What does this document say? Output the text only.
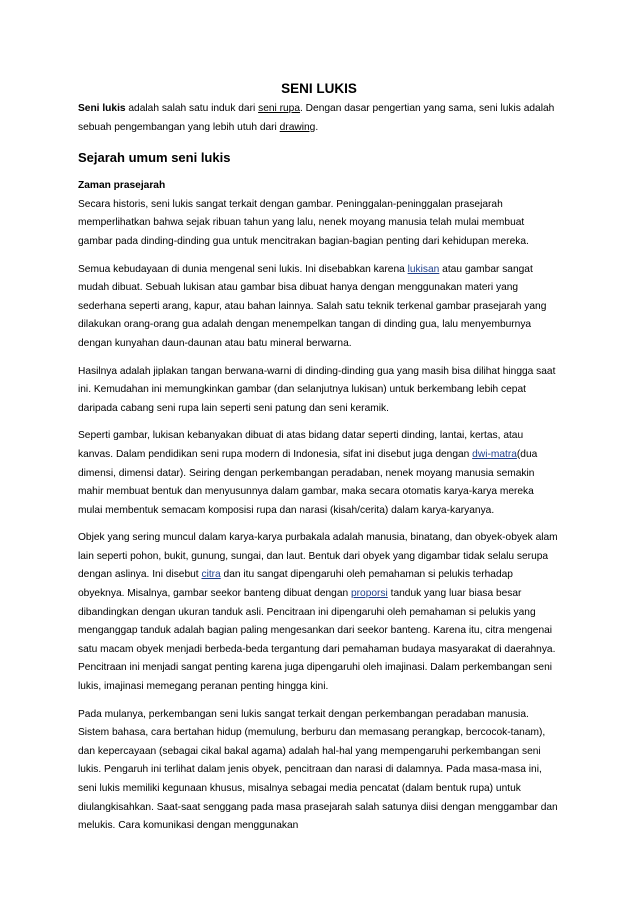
SENI LUKIS

Seni lukis adalah salah satu induk dari seni rupa. Dengan dasar pengertian yang sama, seni lukis adalah sebuah pengembangan yang lebih utuh dari drawing.

Sejarah umum seni lukis
Zaman prasejarah

Secara historis, seni lukis sangat terkait dengan gambar. Peninggalan-peninggalan prasejarah memperlihatkan bahwa sejak ribuan tahun yang lalu, nenek moyang manusia telah mulai membuat gambar pada dinding-dinding gua untuk mencitrakan bagian-bagian penting dari kehidupan mereka.

Semua kebudayaan di dunia mengenal seni lukis. Ini disebabkan karena lukisan atau gambar sangat mudah dibuat. Sebuah lukisan atau gambar bisa dibuat hanya dengan menggunakan materi yang sederhana seperti arang, kapur, atau bahan lainnya. Salah satu teknik terkenal gambar prasejarah yang dilakukan orang-orang gua adalah dengan menempelkan tangan di dinding gua, lalu menyemburnya dengan kunyahan daun-daunan atau batu mineral berwarna.

Hasilnya adalah jiplakan tangan berwana-warni di dinding-dinding gua yang masih bisa dilihat hingga saat ini. Kemudahan ini memungkinkan gambar (dan selanjutnya lukisan) untuk berkembang lebih cepat daripada cabang seni rupa lain seperti seni patung dan seni keramik.

Seperti gambar, lukisan kebanyakan dibuat di atas bidang datar seperti dinding, lantai, kertas, atau kanvas. Dalam pendidikan seni rupa modern di Indonesia, sifat ini disebut juga dengan dwi-matra(dua dimensi, dimensi datar). Seiring dengan perkembangan peradaban, nenek moyang manusia semakin mahir membuat bentuk dan menyusunnya dalam gambar, maka secara otomatis karya-karya mereka mulai membentuk semacam komposisi rupa dan narasi (kisah/cerita) dalam karya-karyanya.

Objek yang sering muncul dalam karya-karya purbakala adalah manusia, binatang, dan obyek-obyek alam lain seperti pohon, bukit, gunung, sungai, dan laut. Bentuk dari obyek yang digambar tidak selalu serupa dengan aslinya. Ini disebut citra dan itu sangat dipengaruhi oleh pemahaman si pelukis terhadap obyeknya. Misalnya, gambar seekor banteng dibuat dengan proporsi tanduk yang luar biasa besar dibandingkan dengan ukuran tanduk asli. Pencitraan ini dipengaruhi oleh pemahaman si pelukis yang menganggap tanduk adalah bagian paling mengesankan dari seekor banteng. Karena itu, citra mengenai satu macam obyek menjadi berbeda-beda tergantung dari pemahaman budaya masyarakat di daerahnya. Pencitraan ini menjadi sangat penting karena juga dipengaruhi oleh imajinasi. Dalam perkembangan seni lukis, imajinasi memegang peranan penting hingga kini.

Pada mulanya, perkembangan seni lukis sangat terkait dengan perkembangan peradaban manusia. Sistem bahasa, cara bertahan hidup (memulung, berburu dan memasang perangkap, bercocok-tanam), dan kepercayaan (sebagai cikal bakal agama) adalah hal-hal yang mempengaruhi perkembangan seni lukis. Pengaruh ini terlihat dalam jenis obyek, pencitraan dan narasi di dalamnya. Pada masa-masa ini, seni lukis memiliki kegunaan khusus, misalnya sebagai media pencatat (dalam bentuk rupa) untuk diulangkisahkan. Saat-saat senggang pada masa prasejarah salah satunya diisi dengan menggambar dan melukis. Cara komunikasi dengan menggunakan
